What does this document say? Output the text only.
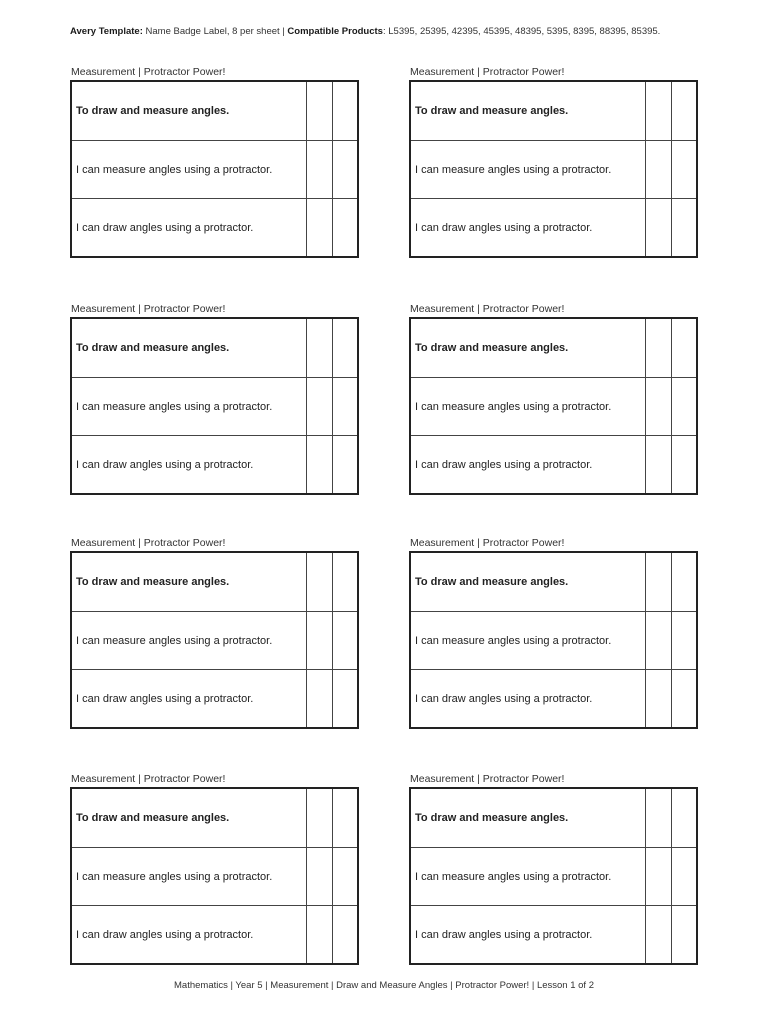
Avery Template: Name Badge Label, 8 per sheet | Compatible Products: L5395, 25395, 42395, 45395, 48395, 5395, 8395, 88395, 85395.
Measurement | Protractor Power!
To draw and measure angles.
I can measure angles using a protractor.
I can draw angles using a protractor.
Measurement | Protractor Power!
To draw and measure angles.
I can measure angles using a protractor.
I can draw angles using a protractor.
Measurement | Protractor Power!
To draw and measure angles.
I can measure angles using a protractor.
I can draw angles using a protractor.
Measurement | Protractor Power!
To draw and measure angles.
I can measure angles using a protractor.
I can draw angles using a protractor.
Measurement | Protractor Power!
To draw and measure angles.
I can measure angles using a protractor.
I can draw angles using a protractor.
Measurement | Protractor Power!
To draw and measure angles.
I can measure angles using a protractor.
I can draw angles using a protractor.
Measurement | Protractor Power!
To draw and measure angles.
I can measure angles using a protractor.
I can draw angles using a protractor.
Measurement | Protractor Power!
To draw and measure angles.
I can measure angles using a protractor.
I can draw angles using a protractor.
Mathematics | Year 5 | Measurement | Draw and Measure Angles | Protractor Power! | Lesson 1 of 2
